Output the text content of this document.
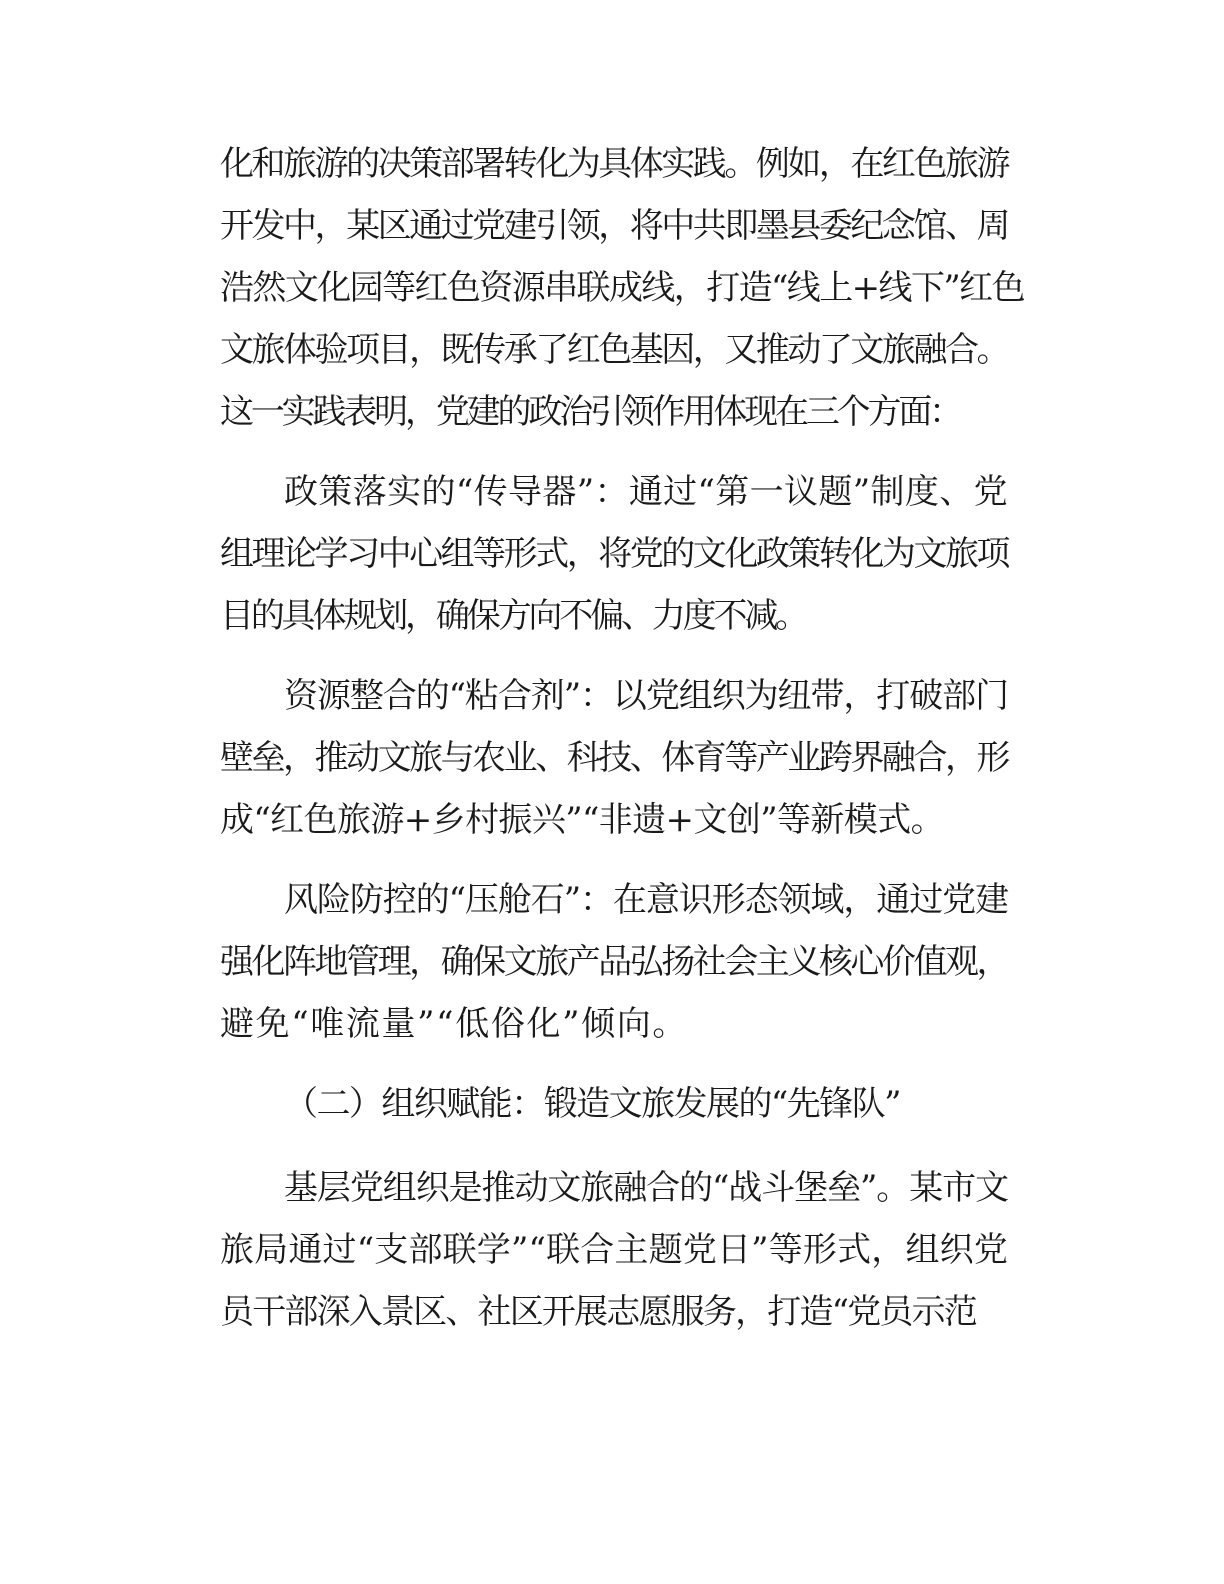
化和旅游的决策部署转化为具体实践。例如，在红色旅游
开发中，某区通过党建引领，将中共即墨县委纪念馆、周
浩然文化园等红色资源串联成线，打造“线上+线下”红色
文旅体验项目，既传承了红色基因，又推动了文旅融合。
这一实践表明，党建的政治引领作用体现在三个方面：
政策落实的“传导器”：通过“第一议题”制度、党
组理论学习中心组等形式，将党的文化政策转化为文旅项
目的具体规划，确保方向不偏、力度不减。
资源整合的“粘合剂”：以党组织为纽带，打破部门
壁垒，推动文旅与农业、科技、体育等产业跨界融合，形
成“红色旅游+乡村振兴”“非遗+文创”等新模式。
风险防控的“压舱石”：在意识形态领域，通过党建
强化阵地管理，确保文旅产品弘扬社会主义核心价值观，
避免“唯流量”“低俗化”倾向。
（二）组织赋能：锻造文旅发展的“先锋队”
基层党组织是推动文旅融合的“战斗堡垒”。某市文
旅局通过“支部联学”“联合主题党日”等形式，组织党
员干部深入景区、社区开展志愿服务，打造“党员示范
